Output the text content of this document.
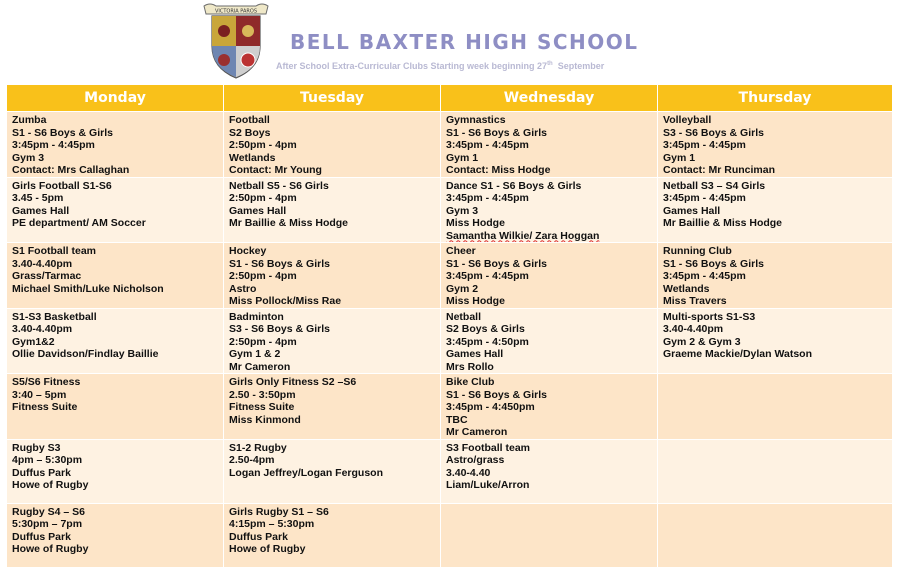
VICTORIA PAROS
BELL BAXTER HIGH SCHOOL
After School Extra-Curricular Clubs Starting week beginning 27th September
Monday	Tuesday	Wednesday	Thursday

Zumba
S1 - S6 Boys & Girls
3:45pm - 4:45pm
Gym 3
Contact: Mrs Callaghan	Football
S2 Boys
2:50pm - 4pm
Wetlands
Contact: Mr Young	Gymnastics
S1 - S6 Boys & Girls
3:45pm - 4:45pm
Gym 1
Contact: Miss Hodge	Volleyball
S3 - S6 Boys & Girls
3:45pm - 4:45pm
Gym 1
Contact: Mr Runciman

Girls Football S1-S6
3.45 - 5pm
Games Hall
PE department/ AM Soccer	Netball S5 - S6 Girls
2:50pm - 4pm
Games Hall
Mr Baillie & Miss Hodge	Dance S1 - S6 Boys & Girls
3:45pm - 4:45pm
Gym 3
Miss Hodge
Samantha Wilkie/ Zara Hoggan	Netball S3 – S4 Girls
3:45pm - 4:45pm
Games Hall
Mr Baillie & Miss Hodge

S1 Football team
3.40-4.40pm
Grass/Tarmac
Michael Smith/Luke Nicholson	Hockey
S1 - S6 Boys & Girls
2:50pm - 4pm
Astro
Miss Pollock/Miss Rae	Cheer
S1 - S6 Boys & Girls
3:45pm - 4:45pm
Gym 2
Miss Hodge	Running Club
S1 - S6 Boys & Girls
3:45pm - 4:45pm
Wetlands
Miss Travers

S1-S3 Basketball
3.40-4.40pm
Gym1&2
Ollie Davidson/Findlay Baillie	Badminton
S3 - S6 Boys & Girls
2:50pm - 4pm
Gym 1 & 2
Mr Cameron	Netball
S2 Boys & Girls
3:45pm - 4:50pm
Games Hall
Mrs Rollo	Multi-sports S1-S3
3.40-4.40pm
Gym 2 & Gym 3
Graeme Mackie/Dylan Watson

S5/S6 Fitness
3:40 – 5pm
Fitness Suite	Girls Only Fitness S2 –S6
2.50 - 3:50pm
Fitness Suite
Miss Kinmond	Bike Club
S1 - S6 Boys & Girls
3:45pm - 4:450pm
TBC
Mr Cameron	

Rugby S3
4pm – 5:30pm
Duffus Park
Howe of Rugby	S1-2 Rugby
2.50-4pm
Logan Jeffrey/Logan Ferguson	S3 Football team
Astro/grass
3.40-4.40
Liam/Luke/Arron	

Rugby S4 – S6
5:30pm – 7pm
Duffus Park
Howe of Rugby	Girls Rugby S1 – S6
4:15pm – 5:30pm
Duffus Park
Howe of Rugby		
